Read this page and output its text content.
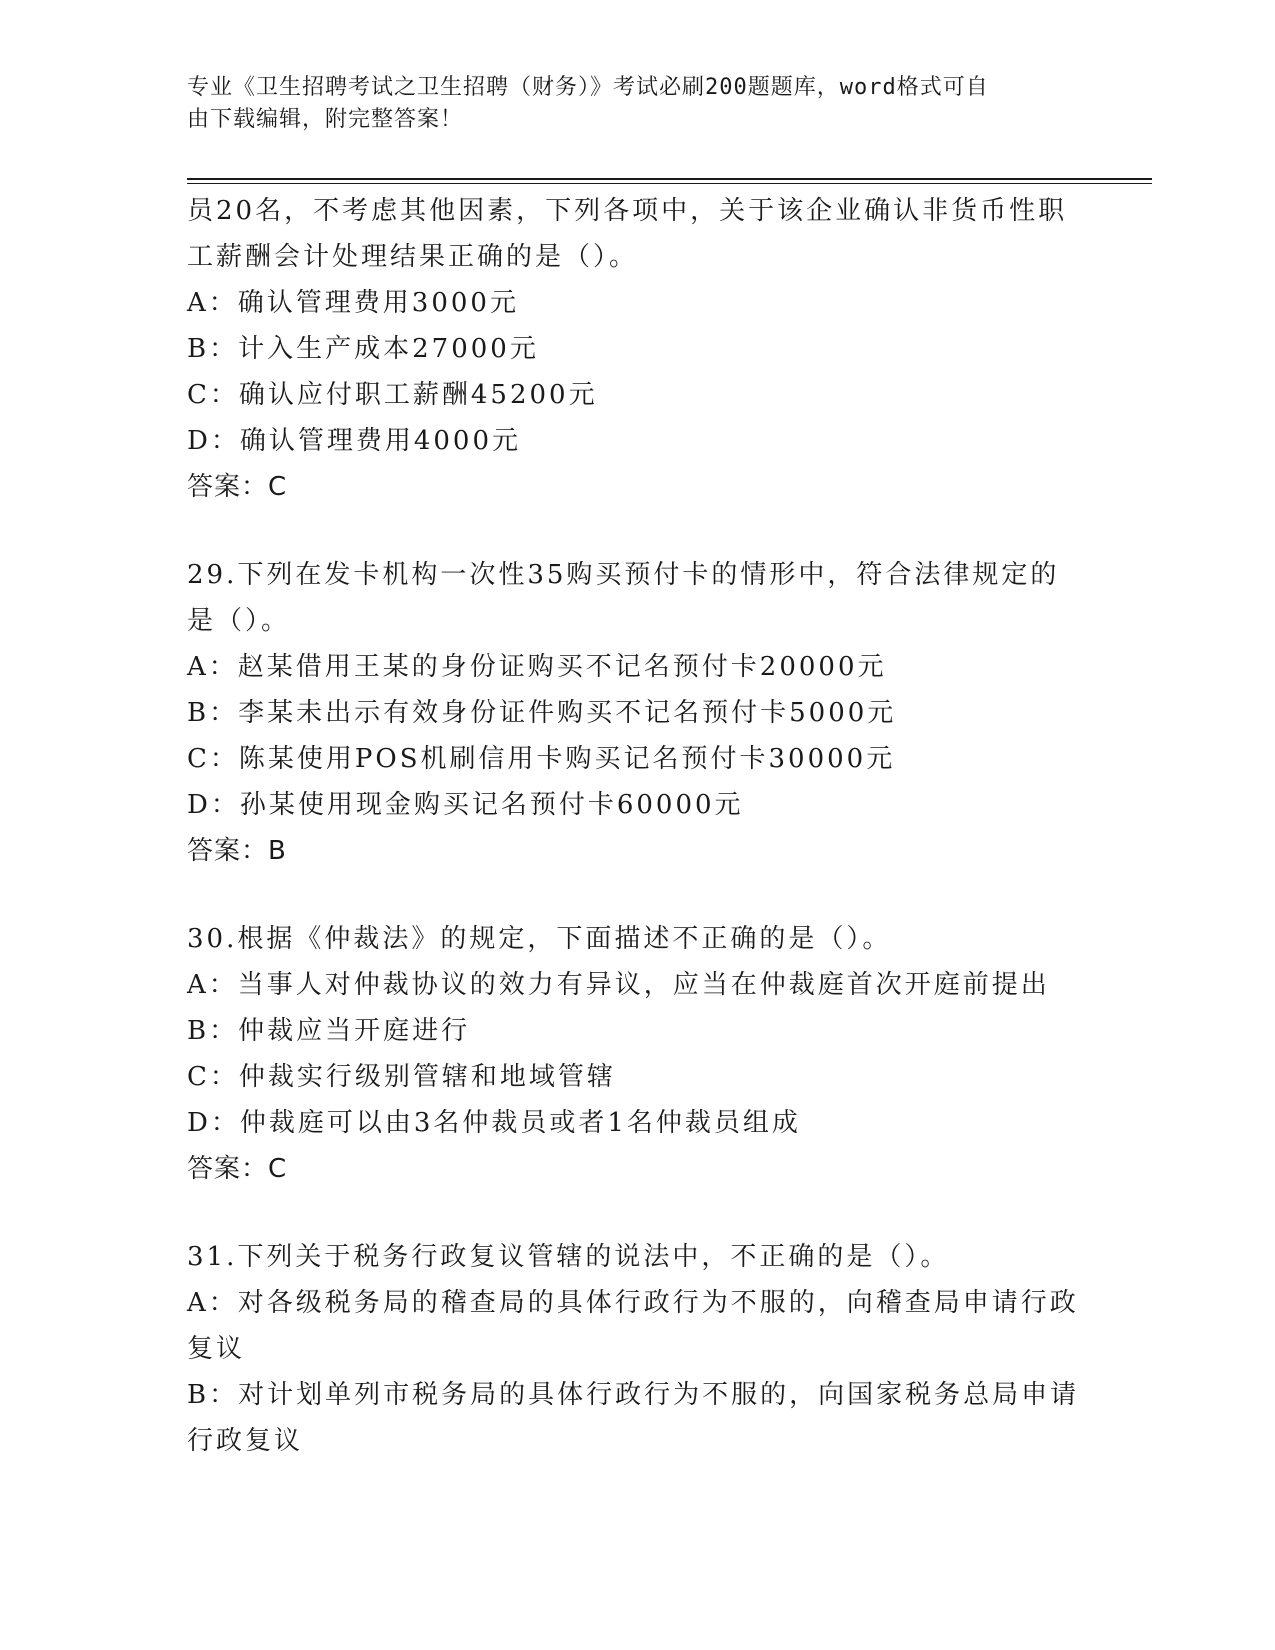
专业《卫生招聘考试之卫生招聘（财务）》考试必刷200题题库，word格式可自
由下载编辑，附完整答案！
员20名，不考虑其他因素，下列各项中，关于该企业确认非货币性职
工薪酬会计处理结果正确的是（）。
A：确认管理费用3000元
B：计入生产成本27000元
C：确认应付职工薪酬45200元
D：确认管理费用4000元
答案：C
29.下列在发卡机构一次性35购买预付卡的情形中，符合法律规定的
是（）。
A：赵某借用王某的身份证购买不记名预付卡20000元
B：李某未出示有效身份证件购买不记名预付卡5000元
C：陈某使用POS机刷信用卡购买记名预付卡30000元
D：孙某使用现金购买记名预付卡60000元
答案：B
30.根据《仲裁法》的规定，下面描述不正确的是（）。
A：当事人对仲裁协议的效力有异议，应当在仲裁庭首次开庭前提出
B：仲裁应当开庭进行
C：仲裁实行级别管辖和地域管辖
D：仲裁庭可以由3名仲裁员或者1名仲裁员组成
答案：C
31.下列关于税务行政复议管辖的说法中，不正确的是（）。
A：对各级税务局的稽查局的具体行政行为不服的，向稽查局申请行政
复议
B：对计划单列市税务局的具体行政行为不服的，向国家税务总局申请
行政复议
